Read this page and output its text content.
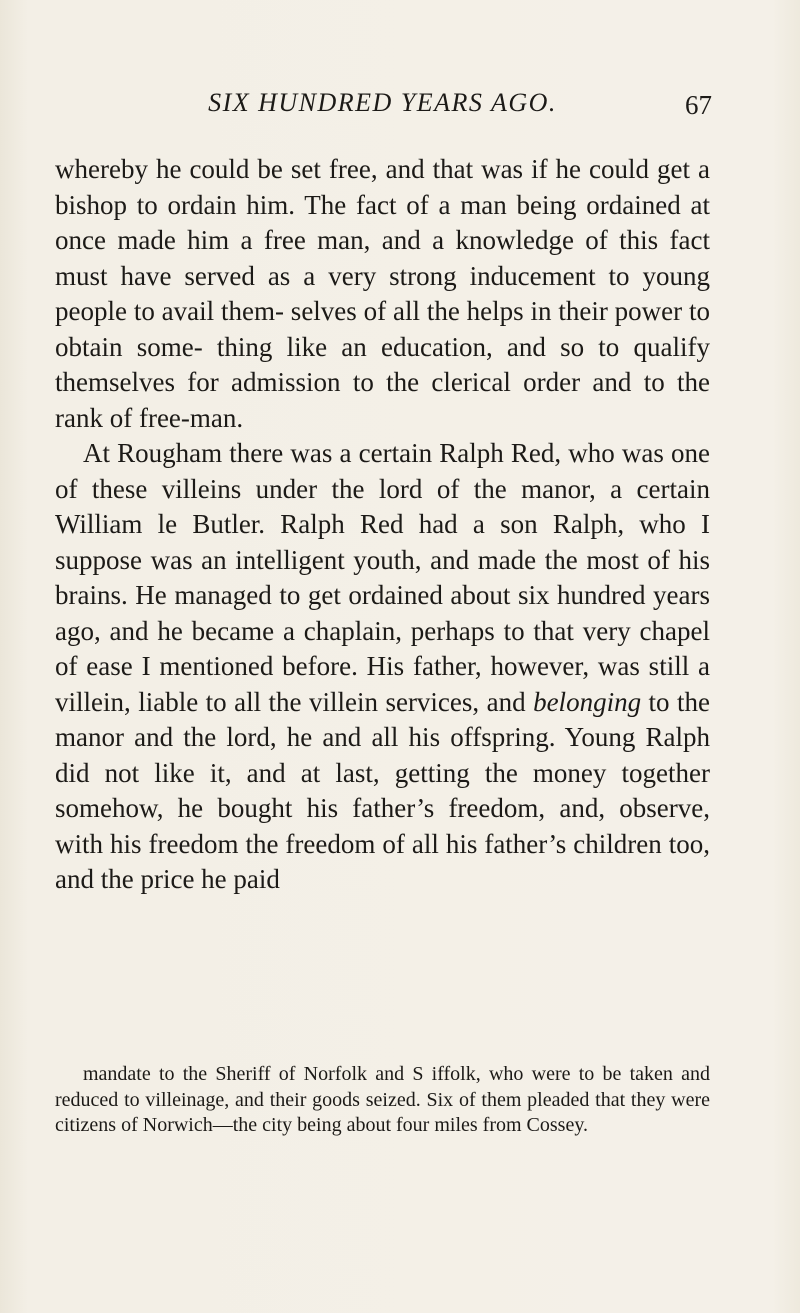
SIX HUNDRED YEARS AGO.	67

whereby he could be set free, and that was if he could get a bishop to ordain him. The fact of a man being ordained at once made him a free man, and a knowledge of this fact must have served as a very strong inducement to young people to avail them- selves of all the helps in their power to obtain some- thing like an education, and so to qualify themselves for admission to the clerical order and to the rank of free-man.

At Rougham there was a certain Ralph Red, who was one of these villeins under the lord of the manor, a certain William le Butler. Ralph Red had a son Ralph, who I suppose was an intelligent youth, and made the most of his brains. He managed to get ordained about six hundred years ago, and he became a chaplain, perhaps to that very chapel of ease I mentioned before. His father, however, was still a villein, liable to all the villein services, and belonging to the manor and the lord, he and all his offspring. Young Ralph did not like it, and at last, getting the money together somehow, he bought his father’s freedom, and, observe, with his freedom the freedom of all his father’s children too, and the price he paid

mandate to the Sheriff of Norfolk and S iffolk, who were to be taken and reduced to villeinage, and their goods seized. Six of them pleaded that they were citizens of Norwich—the city being about four miles from Cossey.
